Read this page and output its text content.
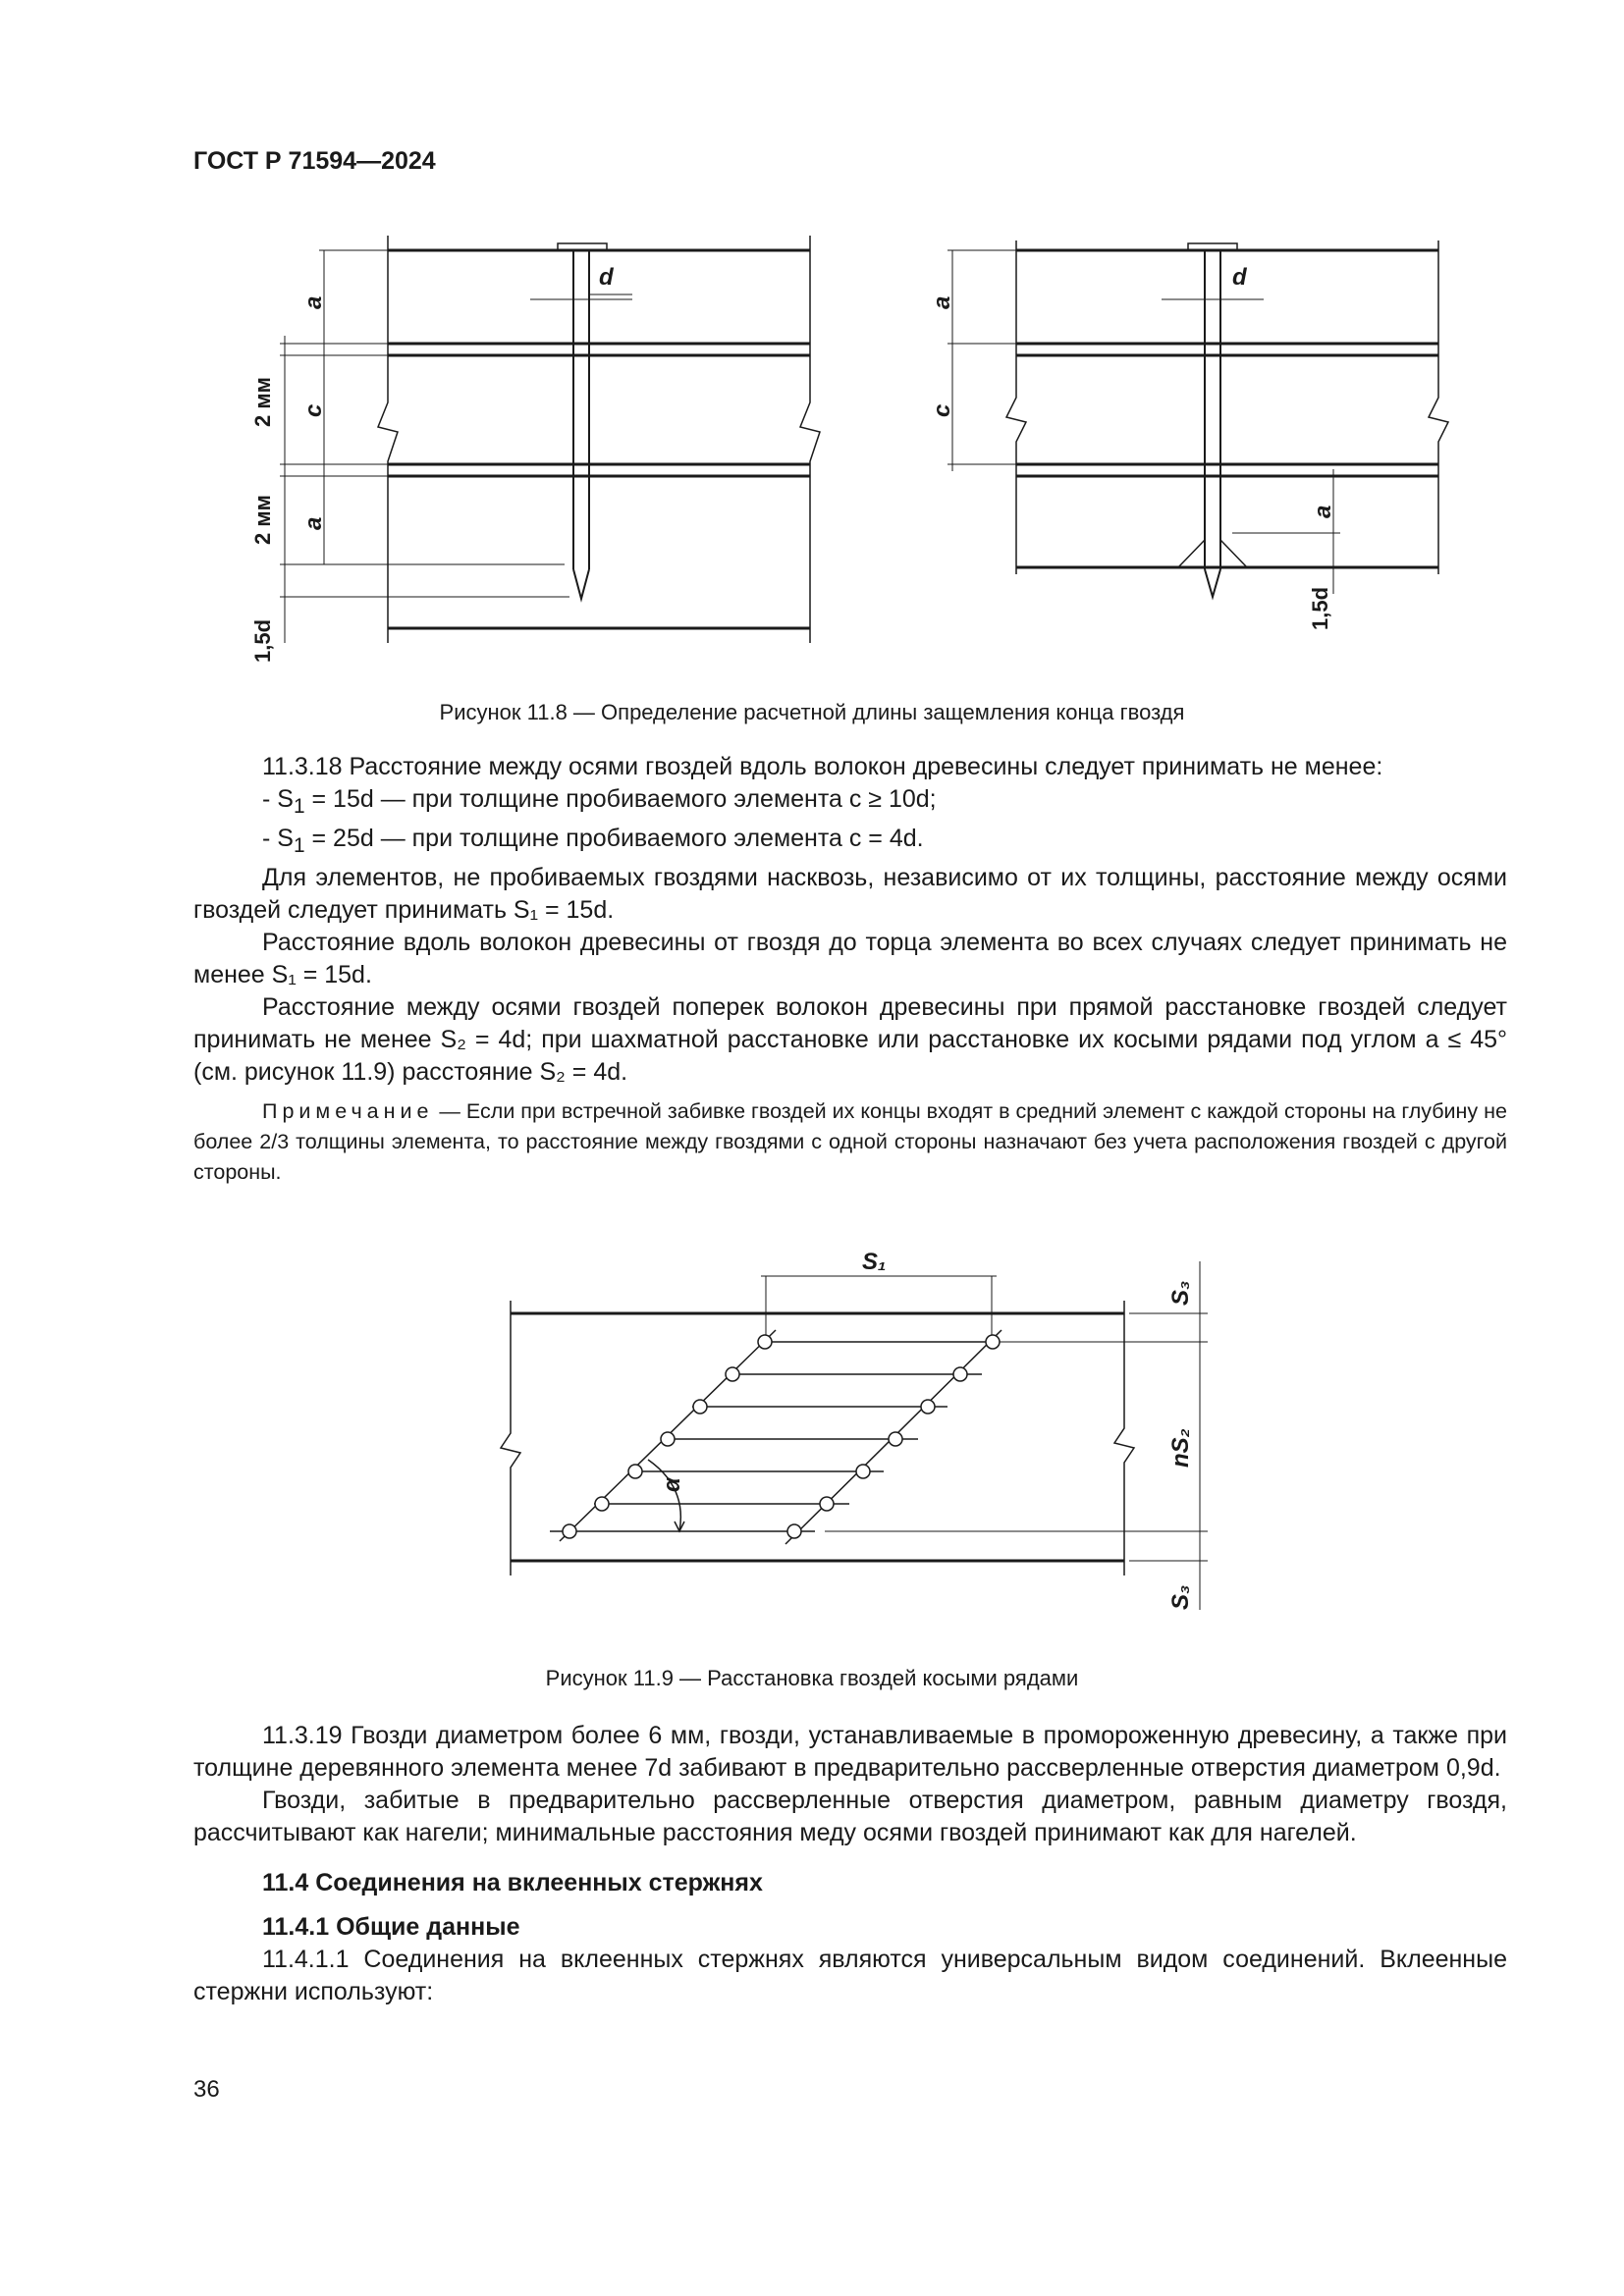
ГОСТ Р 71594—2024
d	d
a
c
a
a
c
a
2 мм
2 мм
1,5d
1,5d
Рисунок 11.8 — Определение расчетной длины защемления конца гвоздя

11.3.18 Расстояние между осями гвоздей вдоль волокон древесины следует принимать не менее:

- $S_1 = 15d$ — при толщине пробиваемого элемента c ≥ 10d;

- $S_1 = 25d$ — при толщине пробиваемого элемента c = 4d.

Для элементов, не пробиваемых гвоздями насквозь, независимо от их толщины, расстояние между осями гвоздей следует принимать S₁ = 15d.

Расстояние вдоль волокон древесины от гвоздя до торца элемента во всех случаях следует принимать не менее S₁ = 15d.

Расстояние между осями гвоздей поперек волокон древесины при прямой расстановке гвоздей следует принимать не менее S₂ = 4d; при шахматной расстановке или расстановке их косыми рядами под углом a ≤ 45° (см. рисунок 11.9) расстояние S₂ = 4d.

Примечание — Если при встречной забивке гвоздей их концы входят в средний элемент с каждой стороны на глубину не более 2/3 толщины элемента, то расстояние между гвоздями с одной стороны назначают без учета расположения гвоздей с другой стороны.

S₁
S₃
nS₂
S₃
α
Рисунок 11.9 — Расстановка гвоздей косыми рядами

11.3.19 Гвозди диаметром более 6 мм, гвозди, устанавливаемые в промороженную древесину, а также при толщине деревянного элемента менее 7d забивают в предварительно рассверленные отверстия диаметром 0,9d.

Гвозди, забитые в предварительно рассверленные отверстия диаметром, равным диаметру гвоздя, рассчитывают как нагели; минимальные расстояния меду осями гвоздей принимают как для нагелей.

11.4 Соединения на вклеенных стержнях

11.4.1 Общие данные

11.4.1.1 Соединения на вклеенных стержнях являются универсальным видом соединений. Вклеенные стержни используют:

36
